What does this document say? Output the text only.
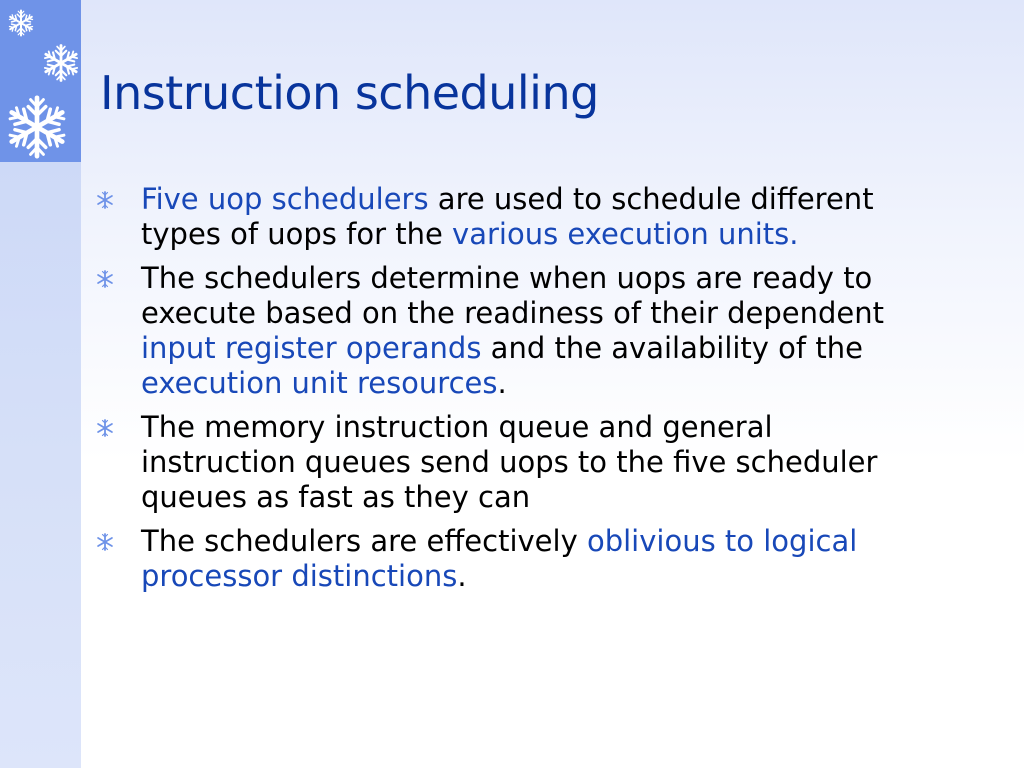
Instruction scheduling
Five uop schedulers are used to schedule different types of uops for the various execution units.
The schedulers determine when uops are ready to execute based on the readiness of their dependent input register operands and the availability of the execution unit resources.
The memory instruction queue and general instruction queues send uops to the five scheduler queues as fast as they can
The schedulers are effectively oblivious to logical processor distinctions.
